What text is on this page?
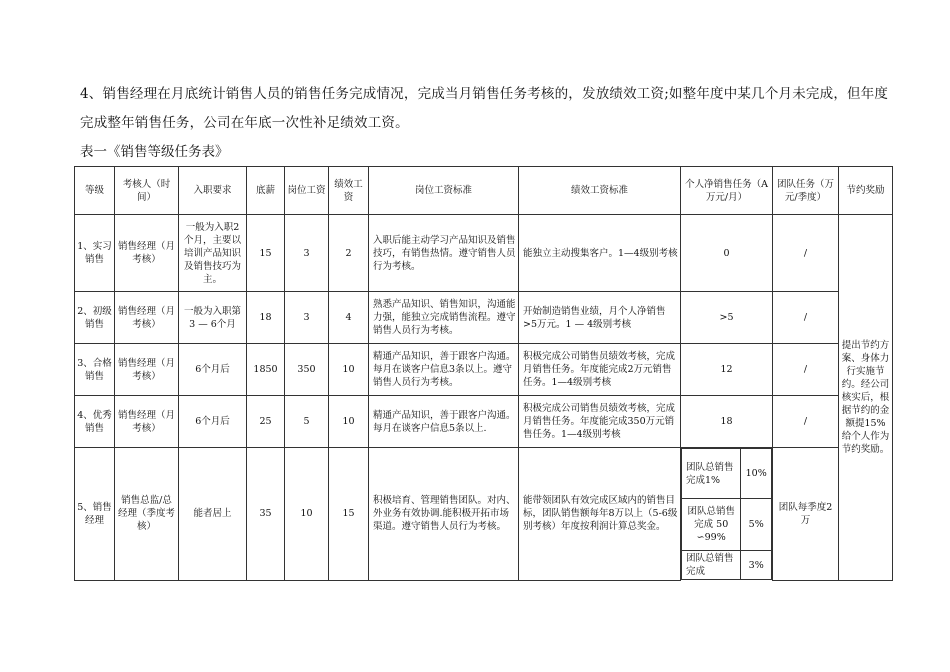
4、销售经理在月底统计销售人员的销售任务完成情况，完成当月销售任务考核的，发放绩效工资;如整年度中某几个月未完成，但年度完成整年销售任务，公司在年底一次性补足绩效工资。
表一《销售等级任务表》
等级	考核人（时间）	入职要求	底薪	岗位工资	绩效工资	岗位工资标准	绩效工资标准	个人净销售任务（A万元/月）	团队任务（万元/季度）	节约奖励
1、实习销售	销售经理（月考核）	一般为入职2个月，主要以培训产品知识及销售技巧为主。	15	3	2	入职后能主动学习产品知识及销售技巧，有销售热情。遵守销售人员行为考核。	能独立主动搜集客户。1—4级别考核	0	/	提出节约方案、身体力行实施节约。经公司核实后，根据节约的金额提15%给个人作为节约奖励。
2、初级销售	销售经理（月考核）	一般为入职第3 — 6个月	18	3	4	熟悉产品知识、销售知识，沟通能力强，能独立完成销售流程。遵守销售人员行为考核。	开始制造销售业绩，月个人净销售>5万元。1 — 4级别考核	>5	/
3、合格销售	销售经理（月考核）	6个月后	1850	350	10	精通产品知识，善于跟客户沟通。每月在谈客户信息3条以上。遵守销售人员行为考核。	积极完成公司销售员绩效考核，完成月销售任务。年度能完成2万元销售任务。1—4级别考核	12	/
4、优秀销售	销售经理（月考核）	6个月后	25	5	10	精通产品知识，善于跟客户沟通。每月在谈客户信息5条以上.	积极完成公司销售员绩效考核，完成月销售任务。年度能完成350万元销售任务。1—4级别考核	18	/
5、销售经理	销售总监/总经理（季度考核）	能者居上	35	10	15	积极培育、管理销售团队。对内、外业务有效协调.能积极开拓市场渠道。遵守销售人员行为考核。	能带领团队有效完成区域内的销售目标，团队销售额每年8万以上（5-6级别考核）年度按利润计算总奖金。	
团队总销售完成1%	10%
团队总销售完成 50 ∽99%	5%
团队总销售完成	3%
	团队每季度2万
